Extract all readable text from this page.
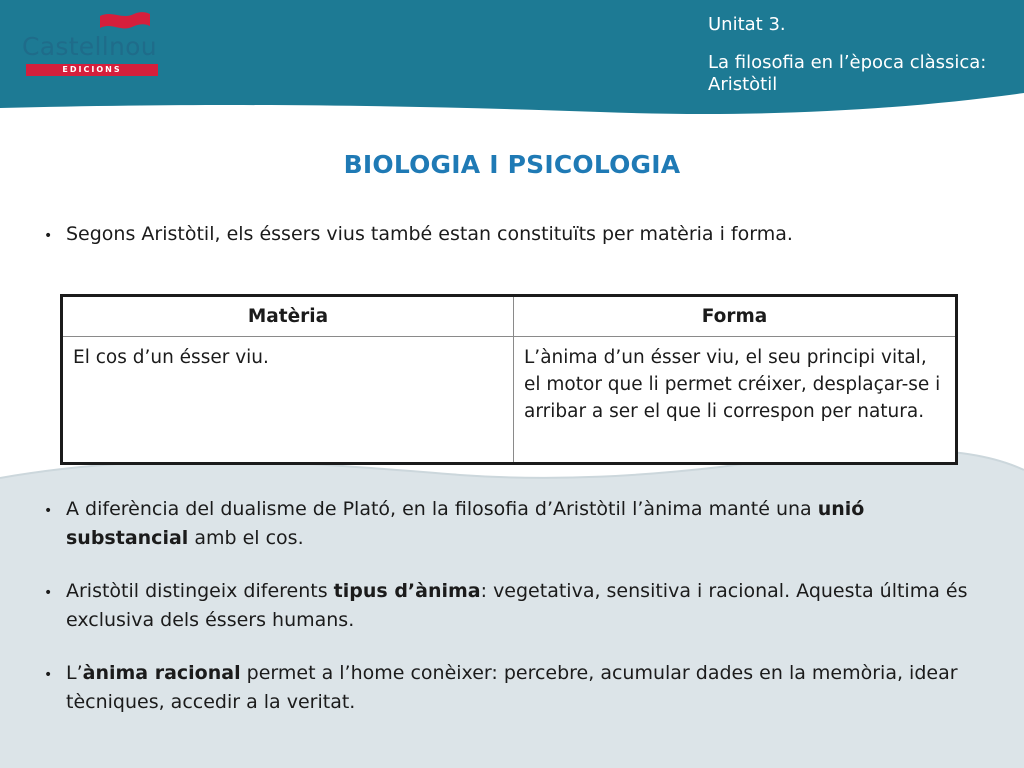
Castellnou
EDICIONS
Unitat 3.
La filosofia en l’època clàssica: Aristòtil
BIOLOGIA I PSICOLOGIA
• Segons Aristòtil, els éssers vius també estan constituïts per matèria i forma.
Matèria	Forma
El cos d’un ésser viu.	L’ànima d’un ésser viu, el seu principi vital, el motor que li permet créixer, desplaçar-se i arribar a ser el que li correspon per natura.
• A diferència del dualisme de Plató, en la filosofia d’Aristòtil l’ànima manté una unió substancial amb el cos.
• Aristòtil distingeix diferents tipus d’ànima: vegetativa, sensitiva i racional. Aquesta última és exclusiva dels éssers humans.
• L’ànima racional permet a l’home conèixer: percebre, acumular dades en la memòria, idear tècniques, accedir a la veritat.
